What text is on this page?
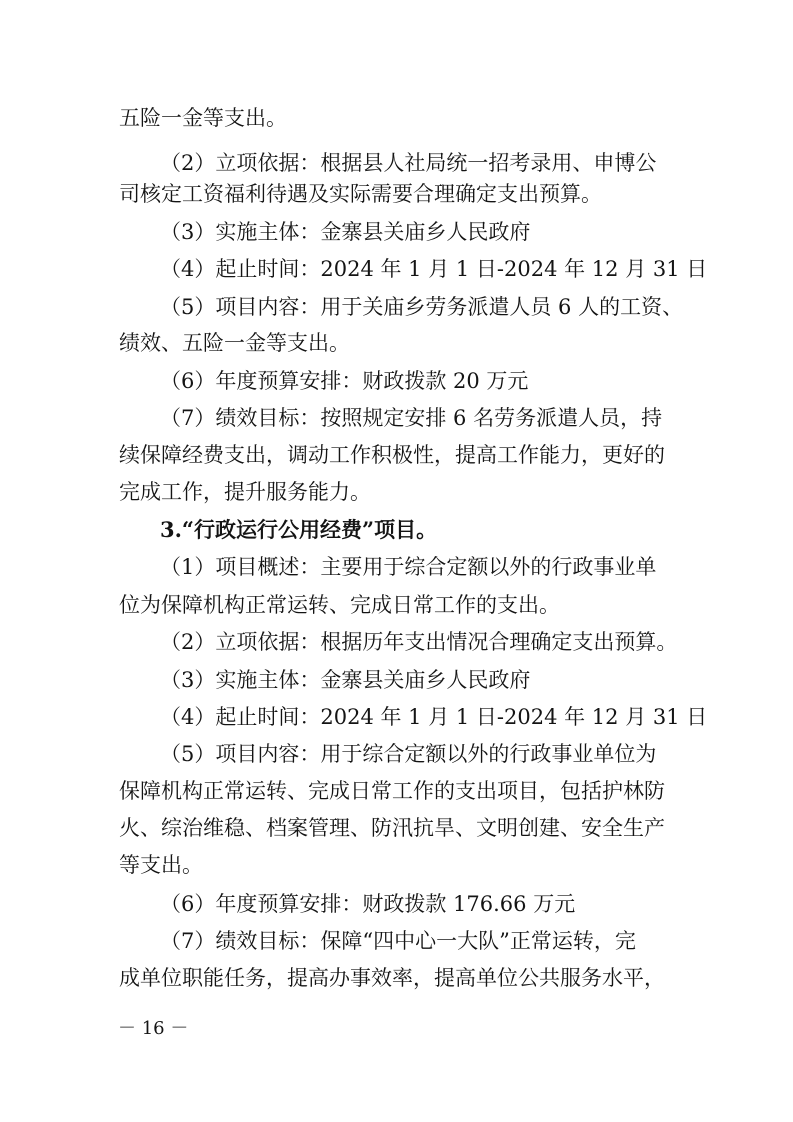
五险一金等支出。
（2）立项依据：根据县人社局统一招考录用、申博公
司核定工资福利待遇及实际需要合理确定支出预算。
（3）实施主体：金寨县关庙乡人民政府
（4）起止时间：2024 年 1 月 1 日-2024 年 12 月 31 日
（5）项目内容：用于关庙乡劳务派遣人员 6 人的工资、
绩效、五险一金等支出。
（6）年度预算安排：财政拨款 20 万元
（7）绩效目标：按照规定安排 6 名劳务派遣人员，持
续保障经费支出，调动工作积极性，提高工作能力，更好的
完成工作，提升服务能力。
3.“行政运行公用经费”项目。
（1）项目概述：主要用于综合定额以外的行政事业单
位为保障机构正常运转、完成日常工作的支出。
（2）立项依据：根据历年支出情况合理确定支出预算。
（3）实施主体：金寨县关庙乡人民政府
（4）起止时间：2024 年 1 月 1 日-2024 年 12 月 31 日
（5）项目内容：用于综合定额以外的行政事业单位为
保障机构正常运转、完成日常工作的支出项目，包括护林防
火、综治维稳、档案管理、防汛抗旱、文明创建、安全生产
等支出。
（6）年度预算安排：财政拨款 176.66 万元
（7）绩效目标：保障“四中心一大队”正常运转，完
成单位职能任务，提高办事效率，提高单位公共服务水平，
－ 16 －
